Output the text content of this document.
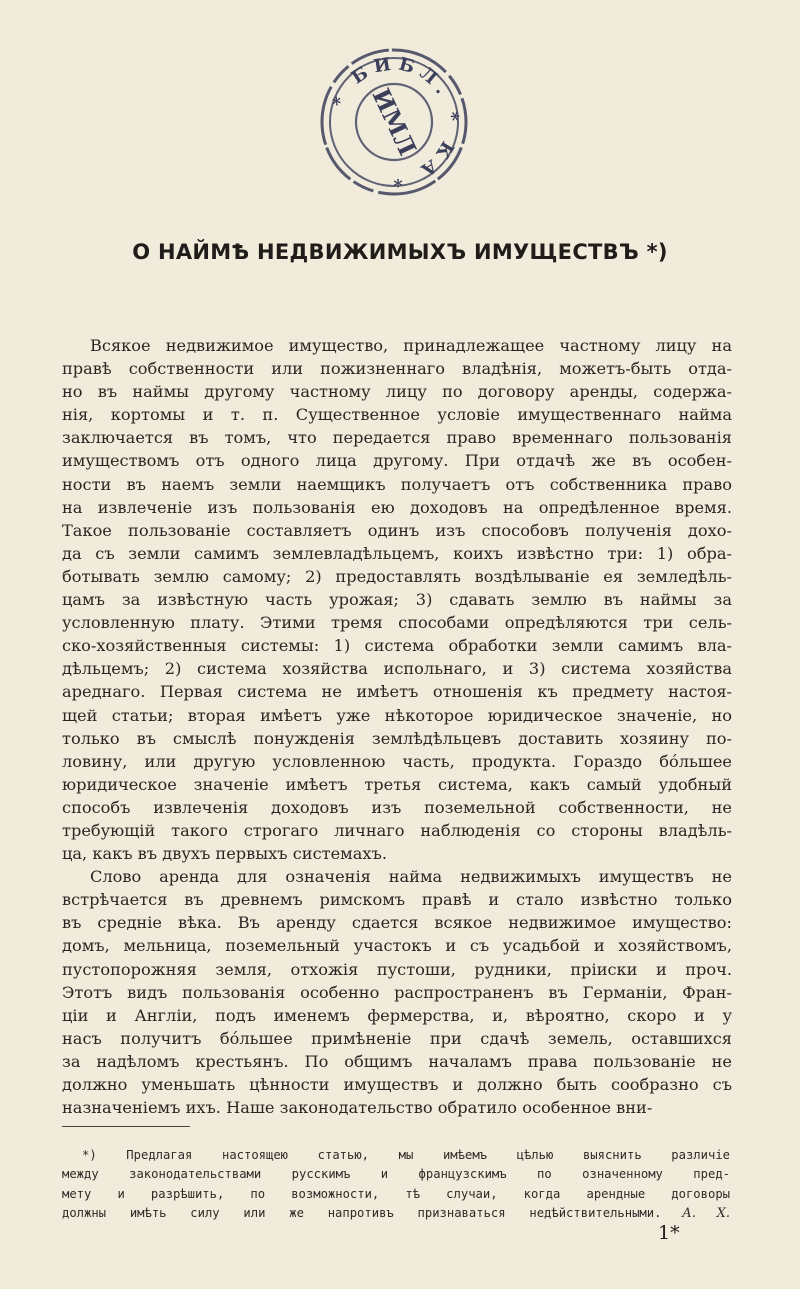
* БИБЛ. * КА *
ИМЛ
О НАЙМѢ НЕДВИЖИМЫХЪ ИМУЩЕСТВЪ *)
Всякое недвижимое имущество, принадлежащее частному лицу на
правѣ собственности или пожизненнаго владѣнія, можетъ-быть отда-
но въ наймы другому частному лицу по договору аренды, содержа-
нія, кортомы и т. п. Существенное условіе имущественнаго найма
заключается въ томъ, что передается право временнаго пользованія
имуществомъ отъ одного лица другому. При отдачѣ же въ особен-
ности въ наемъ земли наемщикъ получаетъ отъ собственника право
на извлеченіе изъ пользованія ею доходовъ на опредѣленное время.
Такое пользованіе составляетъ одинъ изъ способовъ полученія дохо-
да съ земли самимъ землевладѣльцемъ, коихъ извѣстно три: 1) обра-
ботывать землю самому; 2) предоставлять воздѣлываніе ея земледѣль-
цамъ за извѣстную часть урожая; 3) сдавать землю въ наймы за
условленную плату. Этими тремя способами опредѣляются три сель-
ско-хозяйственныя системы: 1) система обработки земли самимъ вла-
дѣльцемъ; 2) система хозяйства испольнаго, и 3) система хозяйства
ареднаго. Первая система не имѣетъ отношенія къ предмету настоя-
щей статьи; вторая имѣетъ уже нѣкоторое юридическое значеніе, но
только въ смыслѣ понужденія землѣдѣльцевъ доставить хозяину по-
ловину, или другую условленною часть, продукта. Гораздо бóльшее
юридическое значеніе имѣетъ третья система, какъ самый удобный
способъ извлеченія доходовъ изъ поземельной собственности, не
требующій такого строгаго личнаго наблюденія со стороны владѣль-
ца, какъ въ двухъ первыхъ системахъ.
Слово аренда для означенія найма недвижимыхъ имуществъ не
встрѣчается въ древнемъ римскомъ правѣ и стало извѣстно только
въ средніе вѣка. Въ аренду сдается всякое недвижимое имущество:
домъ, мельница, поземельный участокъ и съ усадьбой и хозяйствомъ,
пустопорожняя земля, отхожія пустоши, рудники, пріиски и проч.
Этотъ видъ пользованія особенно распространенъ въ Германіи, Фран-
ціи и Англіи, подъ именемъ фермерства, и, вѣроятно, скоро и у
насъ получитъ бóльшее примѣненіе при сдачѣ земель, оставшихся
за надѣломъ крестьянъ. По общимъ началамъ права пользованіе не
должно уменьшать цѣнности имуществъ и должно быть сообразно съ
назначеніемъ ихъ. Наше законодательство обратило особенное вни-
*) Предлагая настоящею статью, мы имѣемъ цѣлью выяснить различіе
между законодательствами русскимъ и французскимъ по означенному пред-
мету и разрѣшить, по возможности, тѣ случаи, когда арендные договоры
должны имѣть силу или же напротивъ признаваться недѣйствительными. А. Х.
1*
